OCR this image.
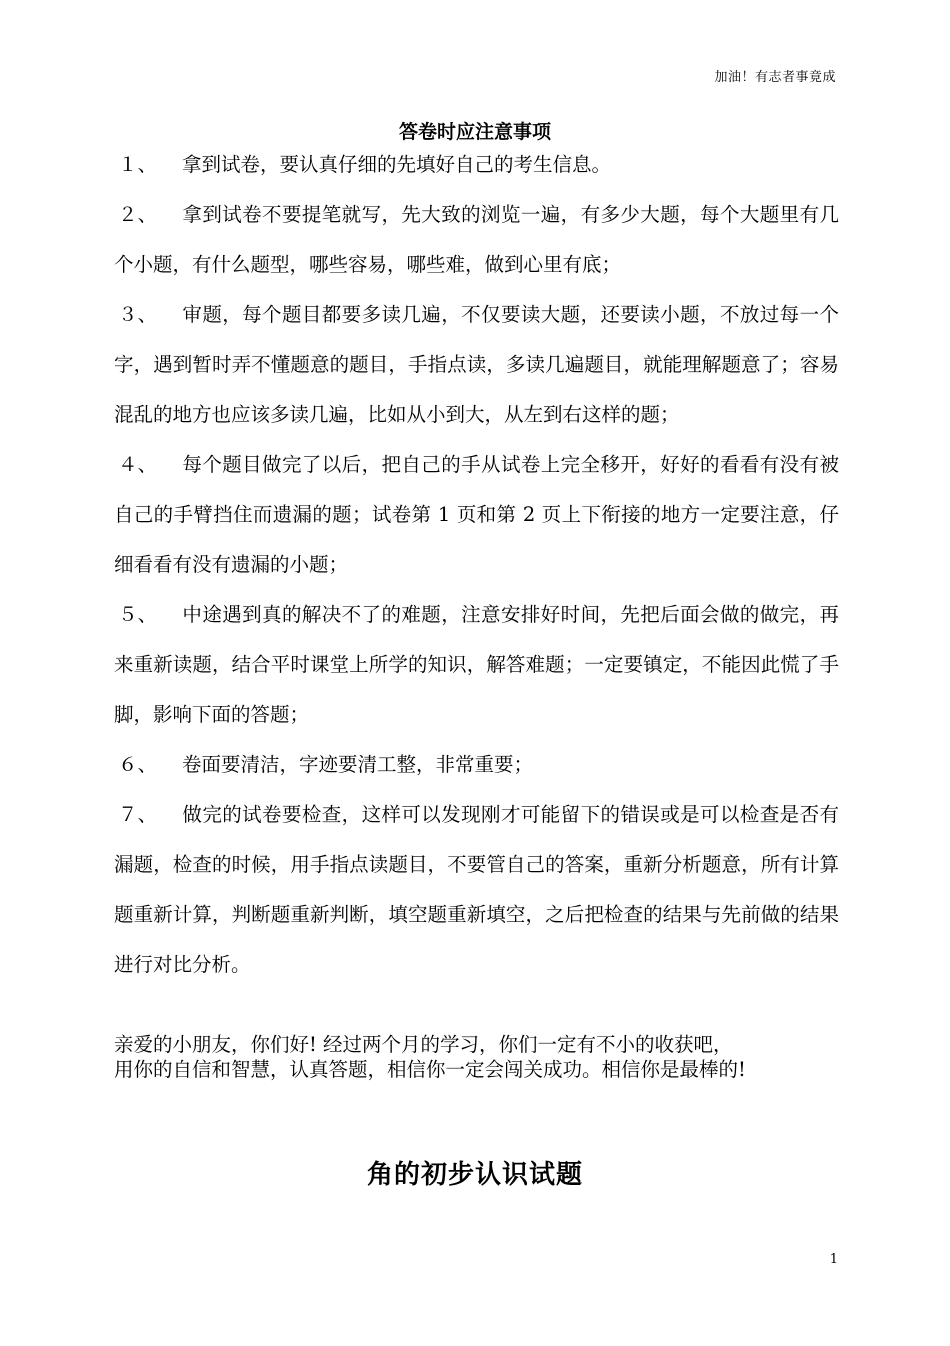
加油！有志者事竟成
答卷时应注意事项
１、 拿到试卷，要认真仔细的先填好自己的考生信息。
２、 拿到试卷不要提笔就写，先大致的浏览一遍，有多少大题，每个大题里有几个小题，有什么题型，哪些容易，哪些难，做到心里有底；
３、 审题，每个题目都要多读几遍，不仅要读大题，还要读小题，不放过每一个字，遇到暂时弄不懂题意的题目，手指点读，多读几遍题目，就能理解题意了；容易混乱的地方也应该多读几遍，比如从小到大，从左到右这样的题；
４、 每个题目做完了以后，把自己的手从试卷上完全移开，好好的看看有没有被自己的手臂挡住而遗漏的题；试卷第 1 页和第 2 页上下衔接的地方一定要注意，仔细看看有没有遗漏的小题；
５、 中途遇到真的解决不了的难题，注意安排好时间，先把后面会做的做完，再来重新读题，结合平时课堂上所学的知识，解答难题；一定要镇定，不能因此慌了手脚，影响下面的答题；
６、 卷面要清洁，字迹要清工整，非常重要；
７、 做完的试卷要检查，这样可以发现刚才可能留下的错误或是可以检查是否有漏题，检查的时候，用手指点读题目，不要管自己的答案，重新分析题意，所有计算题重新计算，判断题重新判断，填空题重新填空，之后把检查的结果与先前做的结果进行对比分析。

亲爱的小朋友，你们好! 经过两个月的学习，你们一定有不小的收获吧，
用你的自信和智慧，认真答题，相信你一定会闯关成功。相信你是最棒的!

角的初步认识试题
1
